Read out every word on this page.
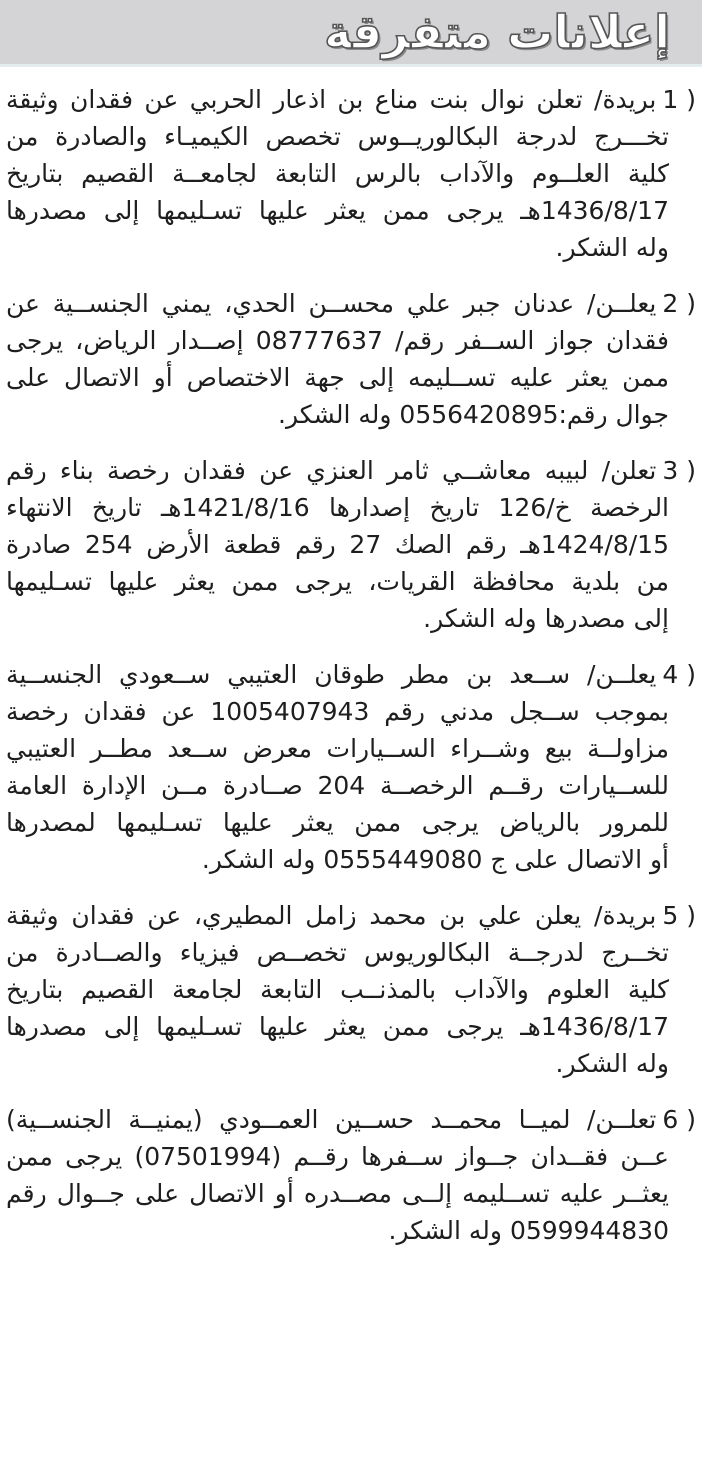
إعلانات متفرقة
1 )بريدة/ تعلن نوال بنت مناع بن اذعار الحربي عن فقدان وثيقة
تخـــرج لدرجة البكالوريــوس تخصص الكيميـاء والصادرة من
كلية العلــوم والآداب بالرس التابعة لجامعــة القصيم بتاريخ
1436/8/17هـ يرجى ممن يعثر عليها تسـليمها إلى مصدرها
وله الشكر.
2 )يعلــن/ عدنان جبر علي محســن الحدي، يمني الجنســية عن
فقدان جواز الســفر رقم/ 08777637 إصــدار الرياض، يرجى
ممن يعثر عليه تســليمه إلى جهة الاختصاص أو الاتصال على
جوال رقم:0556420895 وله الشكر.
3 )تعلن/ لبيبه معاشــي ثامر العنزي عن فقدان رخصة بناء رقم
الرخصة خ/126 تاريخ إصدارها 1421/8/16هـ تاريخ الانتهاء
1424/8/15هـ رقم الصك 27 رقم قطعة الأرض 254 صادرة
من بلدية محافظة القريات، يرجى ممن يعثر عليها تسـليمها
إلى مصدرها وله الشكر.
4 )يعلــن/ ســعد بن مطر طوقان العتيبي ســعودي الجنســية
بموجب ســجل مدني رقم 1005407943 عن فقدان رخصة
مزاولــة بيع وشــراء الســيارات معرض ســعد مطــر العتيبي
للســيارات رقــم الرخصــة 204 صــادرة مــن الإدارة العامة
للمرور بالرياض يرجى ممن يعثر عليها تسـليمها لمصدرها
أو الاتصال على ج 0555449080 وله الشكر.
5 )بريدة/ يعلن علي بن محمد زامل المطيري، عن فقدان وثيقة
تخــرج لدرجــة البكالوريوس تخصــص فيزياء والصــادرة من
كلية العلوم والآداب بالمذنــب التابعة لجامعة القصيم بتاريخ
1436/8/17هـ يرجى ممن يعثر عليها تسـليمها إلى مصدرها
وله الشكر.
6 )تعلــن/ لميــا محمــد حســين العمــودي (يمنيــة الجنســية)
عــن فقــدان جــواز ســفرها رقــم (07501994) يرجى ممن
يعثــر عليه تســليمه إلــى مصــدره أو الاتصال على جــوال رقم
0599944830 وله الشكر.
